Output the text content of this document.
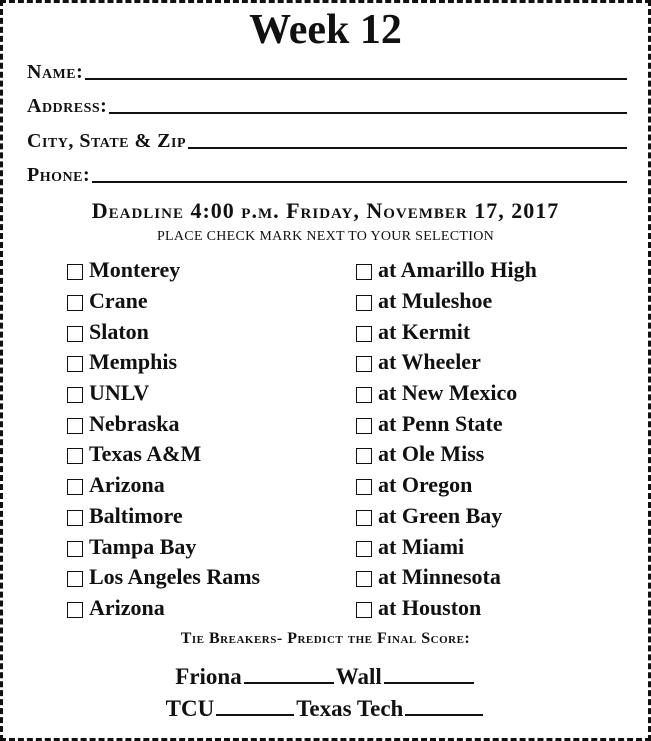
Week 12
Name:
Address:
City, State & Zip
Phone:
Deadline 4:00 p.m. Friday, November 17, 2017
PLACE CHECK MARK NEXT TO YOUR SELECTION
Monterey
Crane
Slaton
Memphis
UNLV
Nebraska
Texas A&M
Arizona
Baltimore
Tampa Bay
Los Angeles Rams
Arizona
at Amarillo High
at Muleshoe
at Kermit
at Wheeler
at New Mexico
at Penn State
at Ole Miss
at Oregon
at Green Bay
at Miami
at Minnesota
at Houston
Tie Breakers- Predict the Final Score:
Friona	Wall
TCU	Texas Tech
